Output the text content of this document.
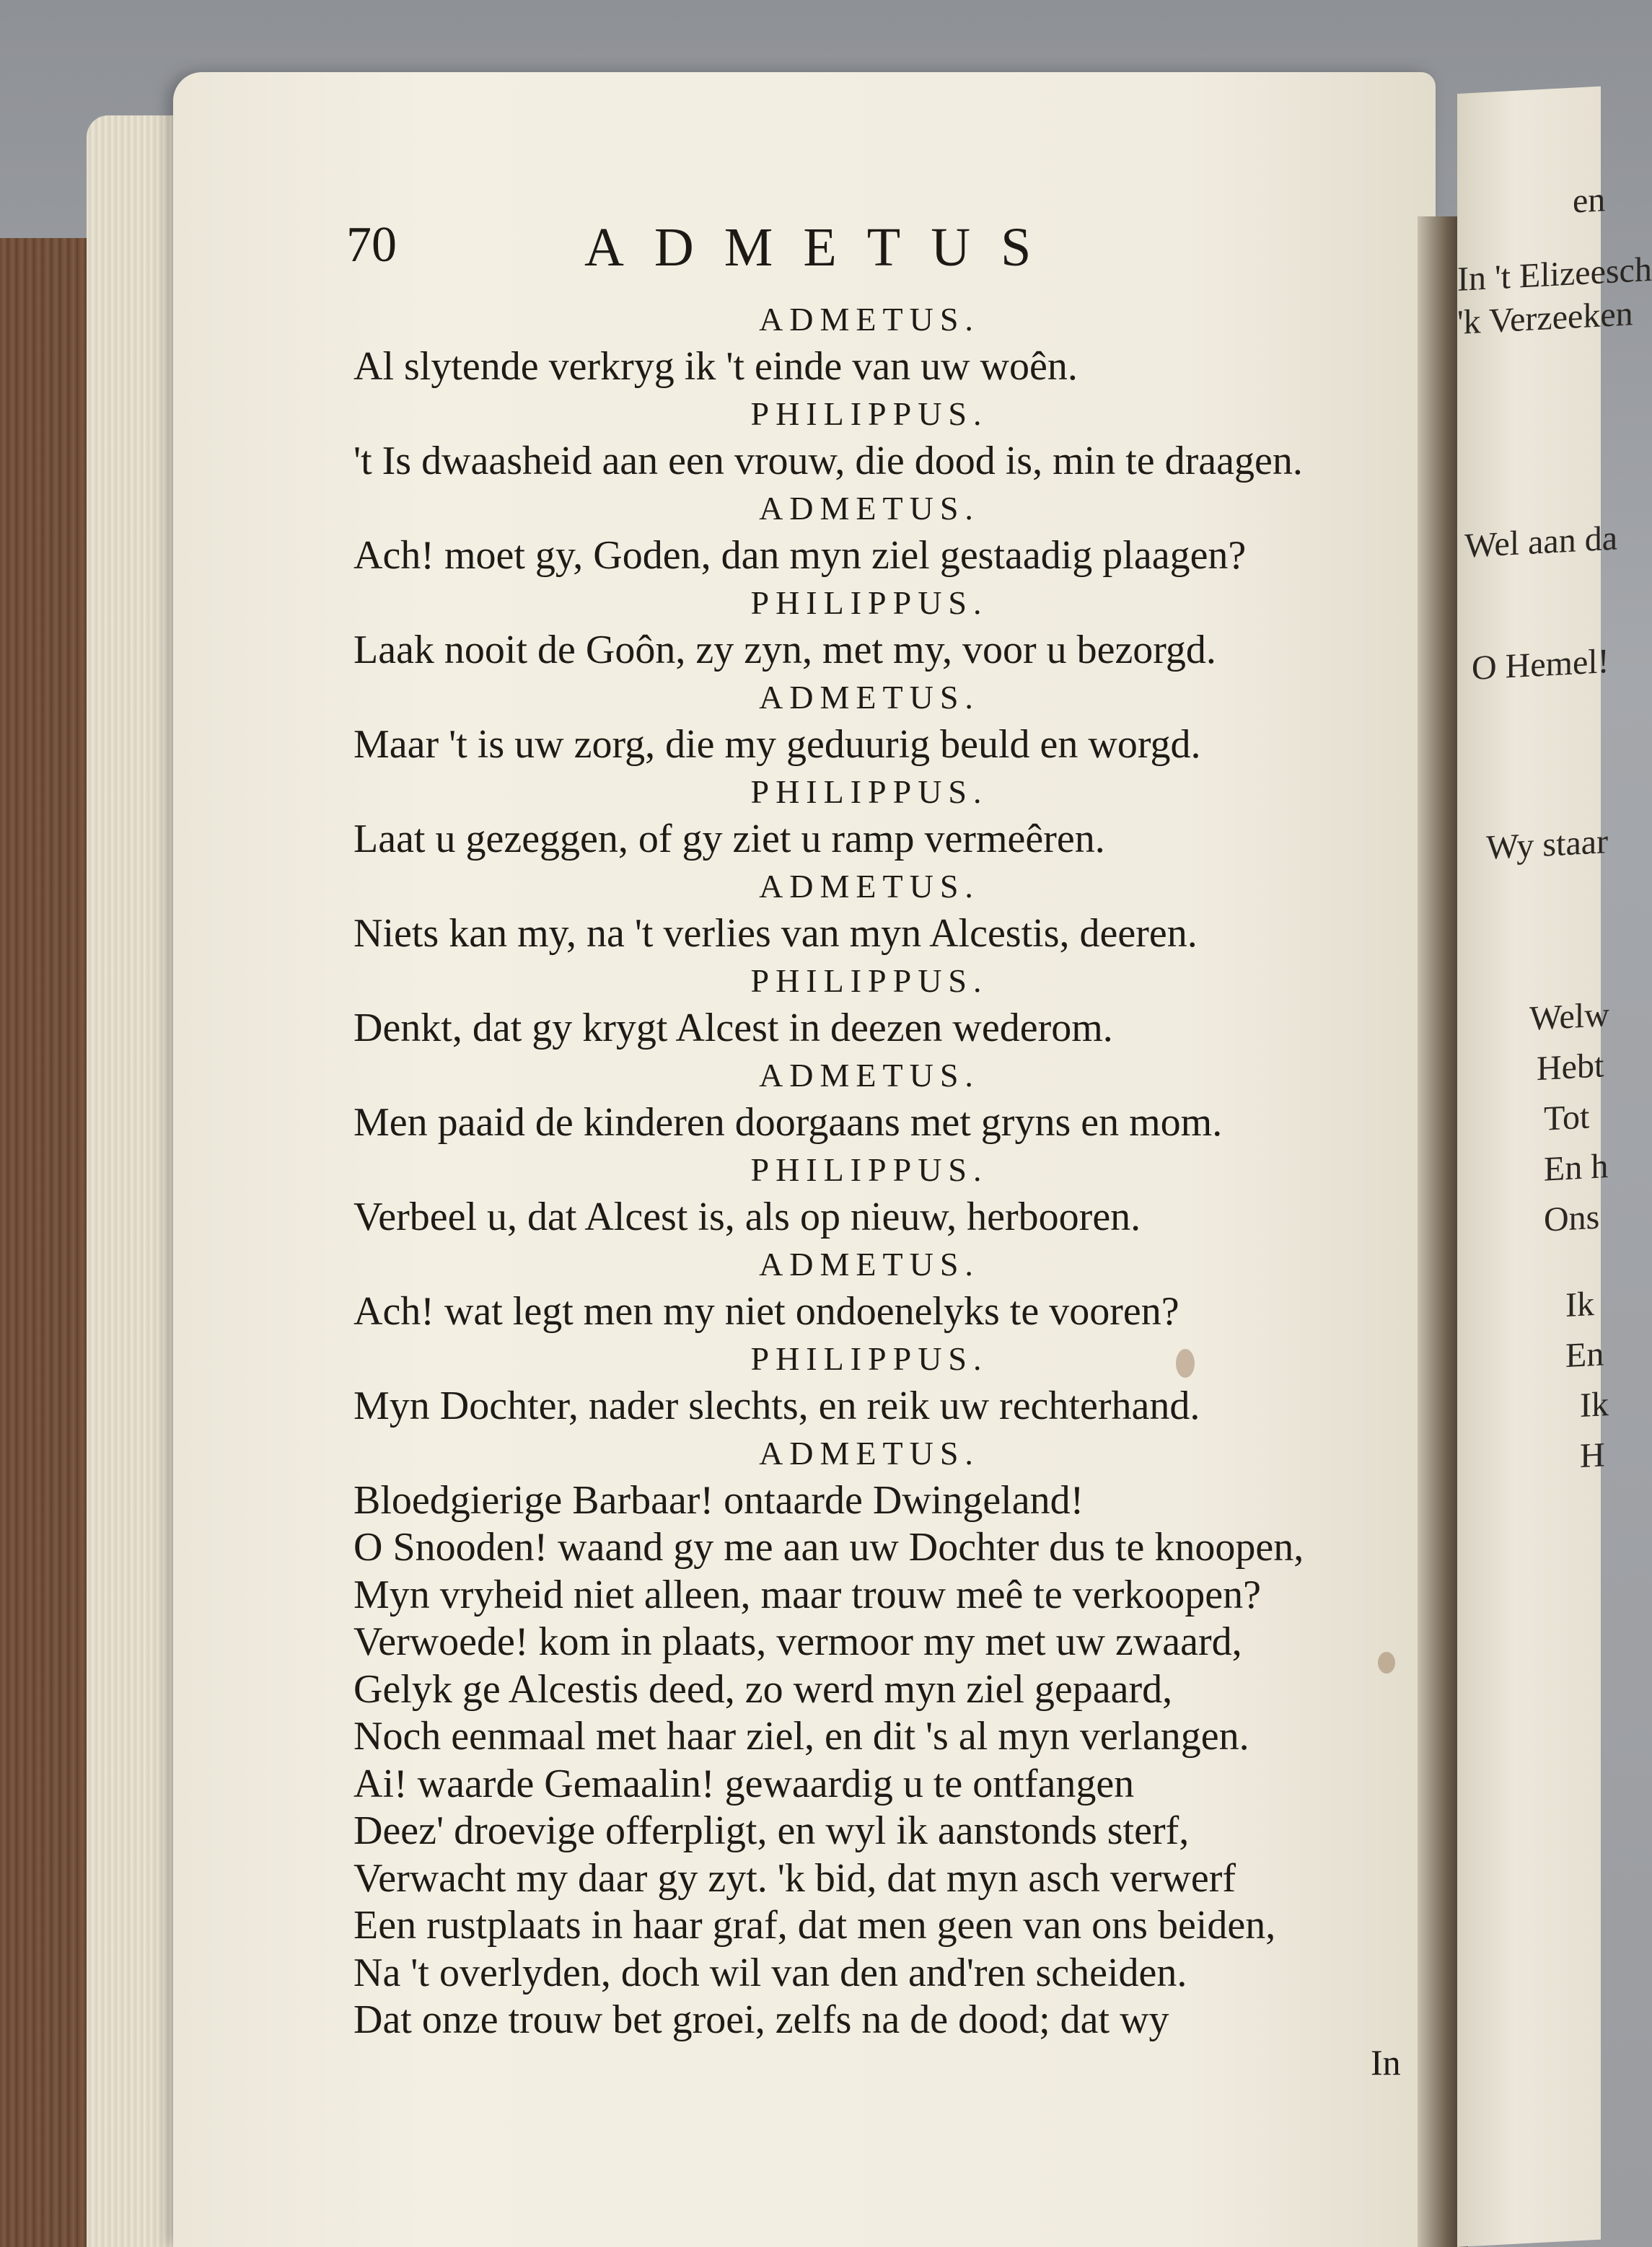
en
In 't Elizeesch
'k Verzeeken
Wel aan da
O Hemel!
Wy staar
Welw
Hebt
Tot
En h
Ons
Ik
En
Ik
H
70	ADMETUS
ADMETUS.
Al slytende verkryg ik 't einde van uw woên.
PHILIPPUS.
't Is dwaasheid aan een vrouw, die dood is, min te draagen.
ADMETUS.
Ach! moet gy, Goden, dan myn ziel gestaadig plaagen?
PHILIPPUS.
Laak nooit de Goôn, zy zyn, met my, voor u bezorgd.
ADMETUS.
Maar 't is uw zorg, die my geduurig beuld en worgd.
PHILIPPUS.
Laat u gezeggen, of gy ziet u ramp vermeêren.
ADMETUS.
Niets kan my, na 't verlies van myn Alcestis, deeren.
PHILIPPUS.
Denkt, dat gy krygt Alcest in deezen wederom.
ADMETUS.
Men paaid de kinderen doorgaans met gryns en mom.
PHILIPPUS.
Verbeel u, dat Alcest is, als op nieuw, herbooren.
ADMETUS.
Ach! wat legt men my niet ondoenelyks te vooren?
PHILIPPUS.
Myn Dochter, nader slechts, en reik uw rechterhand.
ADMETUS.
Bloedgierige Barbaar! ontaarde Dwingeland!
O Snooden! waand gy me aan uw Dochter dus te knoopen,
Myn vryheid niet alleen, maar trouw meê te verkoopen?
Verwoede! kom in plaats, vermoor my met uw zwaard,
Gelyk ge Alcestis deed, zo werd myn ziel gepaard,
Noch eenmaal met haar ziel, en dit 's al myn verlangen.
Ai! waarde Gemaalin! gewaardig u te ontfangen
Deez' droevige offerpligt, en wyl ik aanstonds sterf,
Verwacht my daar gy zyt. 'k bid, dat myn asch verwerf
Een rustplaats in haar graf, dat men geen van ons beiden,
Na 't overlyden, doch wil van den and'ren scheiden.
Dat onze trouw bet groei, zelfs na de dood; dat wy
In
